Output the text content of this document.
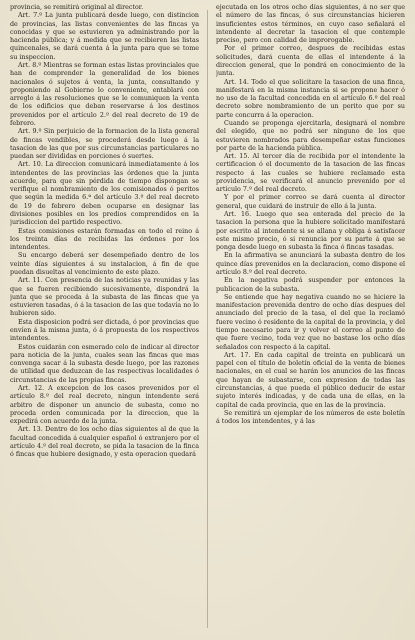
provincia, se remitirá original al director.

Art. 7.º La junta publicará desde luego, con distincion de provincias, las listas convenientes de las fincas ya conocidas y que se estuvieren ya administrando por la hacienda pública; y á medida que se recibieren las listas quincenales, se dará cuenta á la junta para que se tome su inspeccion.

Art. 8.º Mientras se forman estas listas provinciales que han de comprender la generalidad de los bienes nacionales ó sujetos á venta, la junta, consultando y proponiendo al Gobierno lo conveniente, entablará con arreglo á las resoluciones que se le comuniquen la venta de los edificios que deban reservarse á los destinos prevenidos por el artículo 2.º del real decreto de 19 de febrero.

Art. 9.º Sin perjuicio de la formacion de la lista general de fincas vendibles, se procederá desde luego á la tasacion de las que por sus circunstancias particulares no puedan ser divididas en porciones ó suertes.

Art. 10. La direccion comunicará inmediatamente á los intendentes de las provincias las órdenes que la junta acuerde, para que sin pérdida de tiempo dispongan se verifique el nombramiento de los comisionados ó peritos que según la medida 6.ª del artículo 3.º del real decreto de 19 de febrero deben ocuparse en designar las divisiones posibles en los predios comprendidos en la jurisdiccion del partido respectivo.

Estas comisiones estarán formadas en todo el reino á los treinta días de recibidas las órdenes por los intendentes.

Su encargo deberá ser desempeñado dentro de los veinte días siguientes á su instalacion, á fin de que puedan disueltas al vencimiento de este plazo.

Art. 11. Con presencia de las noticias ya reunidas y las que se fueren recibiendo sucesivamente, dispondrá la junta que se proceda á la subasta de las fincas que ya estuvieren tasadas, ó á la tasacion de las que todavía no lo hubieren sido.

Esta disposicion podrá ser dictada, ó por provincias que envíen á la misma junta, ó á propuesta de los respectivos intendentes.

Estos cuidarán con esmerado celo de indicar al director para noticia de la junta, cuales sean las fincas que mas convenga sacar á la subasta desde luego, por las razones de utilidad que deduzcan de las respectivas localidades ó circunstancias de las propias fincas.

Art. 12. A excepcion de los casos prevenidos por el artículo 8.º del real decreto, ningun intendente será arbitro de disponer un anuncio de subasta, como no proceda orden comunicada por la direccion, que la expedirá con acuerdo de la junta.

Art. 13. Dentro de los ocho días siguientes al de que la facultad concedida á cualquier español ó extranjero por el artículo 4.º del real decreto, se pida la tasacion de la finca ó fincas que hubiere designado, y esta operacion quedará

ejecutada en los otros ocho días siguientes, á no ser que el número de las fincas, ó sus circunstancias hicieren insuficientes estos términos, en cuyo caso señalará el intendente al decretar la tasacion el que contemple preciso, pero con calidad de improrogable.

Por el primer correo, despues de recibidas estas solicitudes, dará cuenta de ellas el intendente á la direccion general, que lo pondrá en conocimiento de la junta.

Art. 14. Todo el que solicitare la tasacion de una finca, manifestará en la misma instancia si se propone hacer ó no uso de la facultad concedida en el artículo 6.º del real decreto sobre nombramiento de un perito que por su parte concurra á la operacion.

Cuando se proponga ejercitarla, designará el nombre del elegido, que no podrá ser ninguno de los que estuvieren nombrados para desempeñar estas funciones por parte de la hacienda pública.

Art. 15. Al tercer día de recibida por el intendente la certificacion ó el documento de la tasacion de las fincas respecto á las cuales se hubiere reclamado esta providencia, se verificará el anuncio prevenido por el artículo 7.º del real decreto.

Y por el primer correo se dará cuenta al director general, que cuidará de instruir de ello á la junta.

Art. 16. Luego que sea enterada del precio de la tasacion la persona que la hubiere solicitado manifestará por escrito al intendente si se allana y obliga á satisfacer este mismo precio, ó si renuncia por su parte á que se ponga desde luego en subasta la finca ó fincas tasadas.

En la afirmativa se anunciará la subasta dentro de los quince días prevenidos en la declaracion, como dispone el artículo 8.º del real decreto.

En la negativa podrá suspender por entonces la publicacion de la subasta.

Se entiende que hay negativa cuando no se hiciere la manifestacion prevenida dentro de ocho días despues del anunciado del precio de la tasa, el del que la reclamó fuere vecino ó residente de la capital de la provincia, y del tiempo necesario para ir y volver el correo al punto de que fuere vecino, toda vez que no bastase los ocho días señalados con respecto á la capital.

Art. 17. En cada capital de treinta en publicará un papel con el título de boletín oficial de la venta de bienes nacionales, en el cual se harán los anuncios de las fincas que hayan de subastarse, con expresion de todas las circunstancias, á que pueda el público deducir de estar sujeto interés indicadas, y de cada una de ellas, en la capital de cada provincia, que en las de la provincia.

Se remitirá un ejemplar de los números de este boletín á todos los intendentes, y á las
